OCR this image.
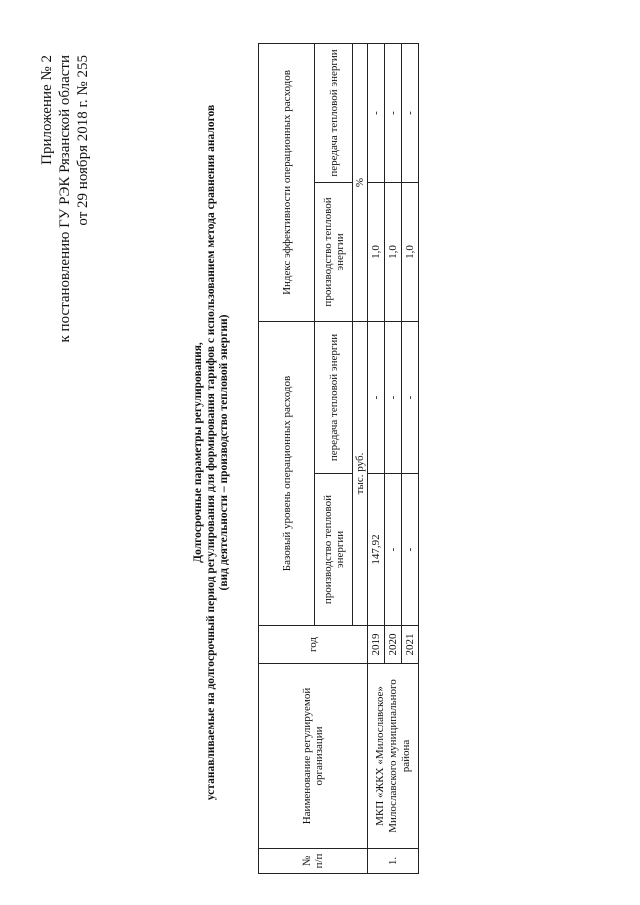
Приложение № 2 к постановлению ГУ РЭК Рязанской области от 29 ноября 2018 г. № 255
Долгосрочные параметры регулирования, устанавливаемые на долгосрочный период регулирования для формирования тарифов с использованием метода сравнения аналогов (вид деятельности – производство тепловой энергии)
№ п/п	Наименование регулируемой организации	год	Базовый уровень операционных расходов		Индекс эффективности операционных расходов	
			производство тепловой энергии	передача тепловой энергии	производство тепловой энергии	передача тепловой энергии
			тыс. руб.		%	
1.	МКП «ЖКХ «Милославское» Милославского муниципального района	2019	147,92	-	1,0	-
		2020	-	-	1,0	-
		2021	-	-	1,0	-
